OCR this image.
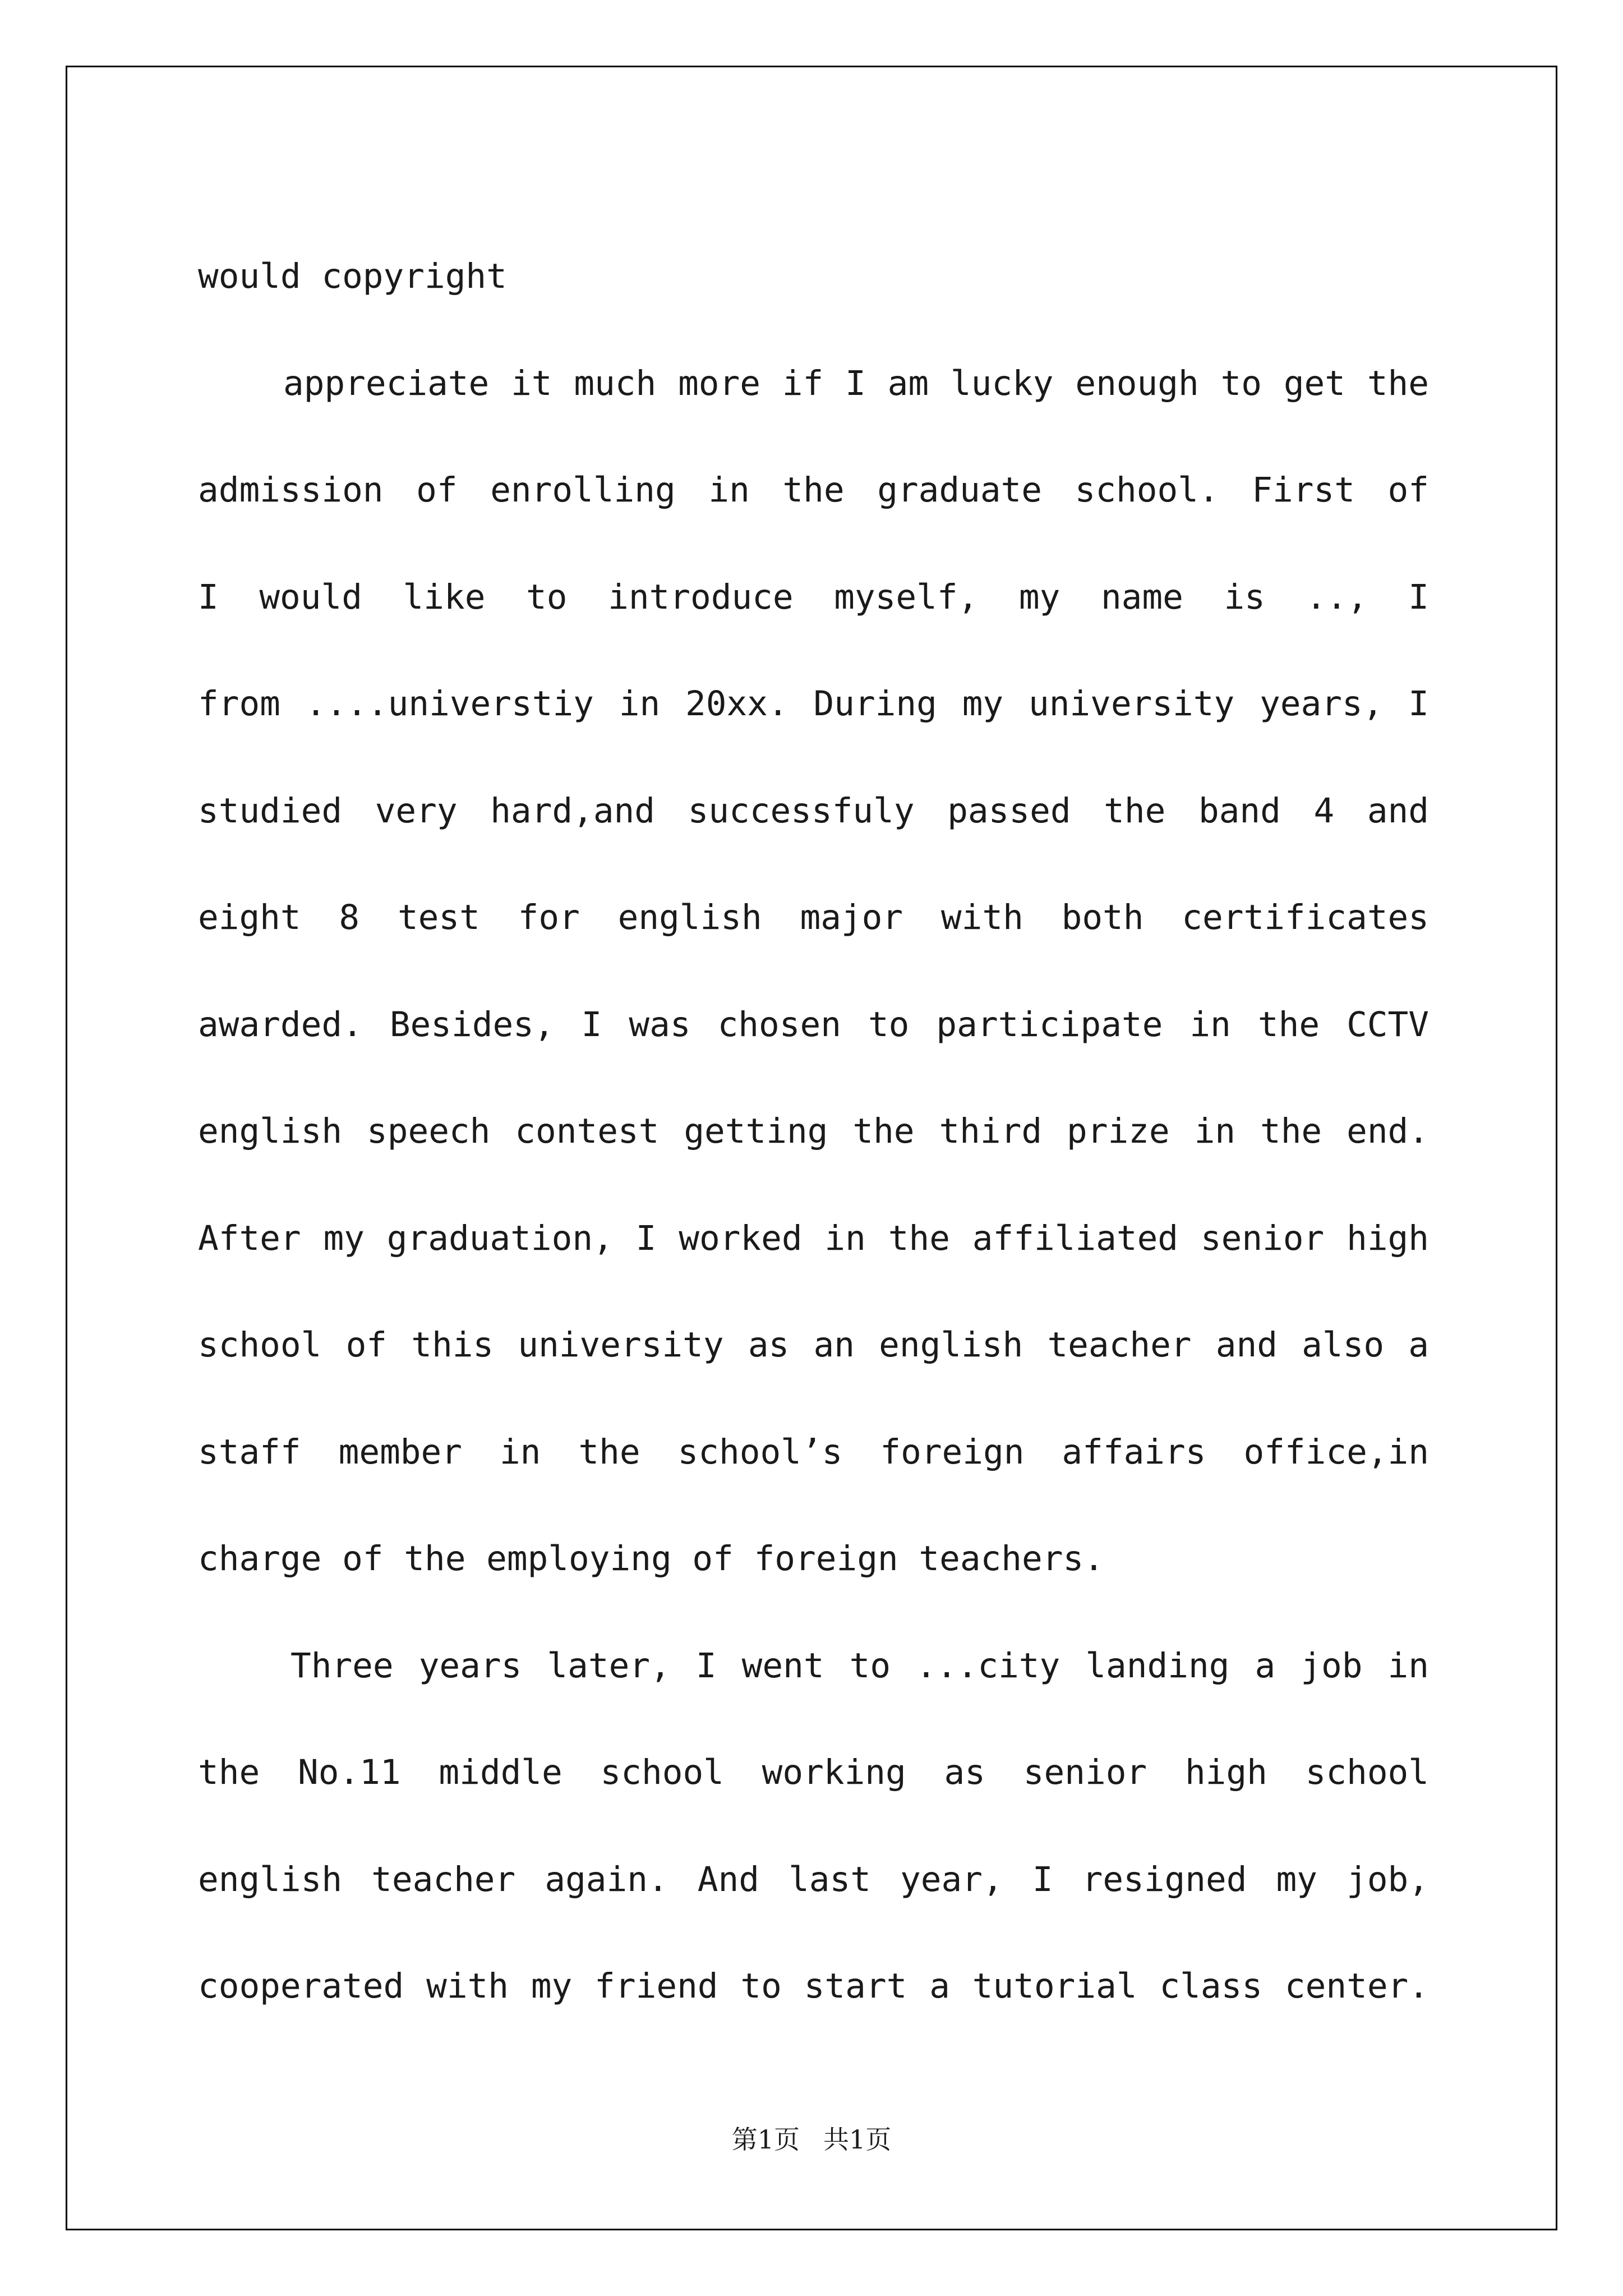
would copyright
appreciate it much more if I am lucky enough to get the
admission of enrolling in the graduate school. First of
I would like to introduce myself, my name is .., I
from ....universtiy in 20xx. During my university years, I
studied very hard,and successfuly passed the band 4 and
eight 8 test for english major with both certificates
awarded. Besides, I was chosen to participate in the CCTV
english speech contest getting the third prize in the end.
After my graduation, I worked in the affiliated senior high
school of this university as an english teacher and also a
staff member in the school’s foreign affairs office,in
charge of the employing of foreign teachers.
Three years later, I went to ...city landing a job in
the No.11 middle school working as senior high school
english teacher again. And last year, I resigned my job,
cooperated with my friend to start a tutorial class center.
第1页 共1页
